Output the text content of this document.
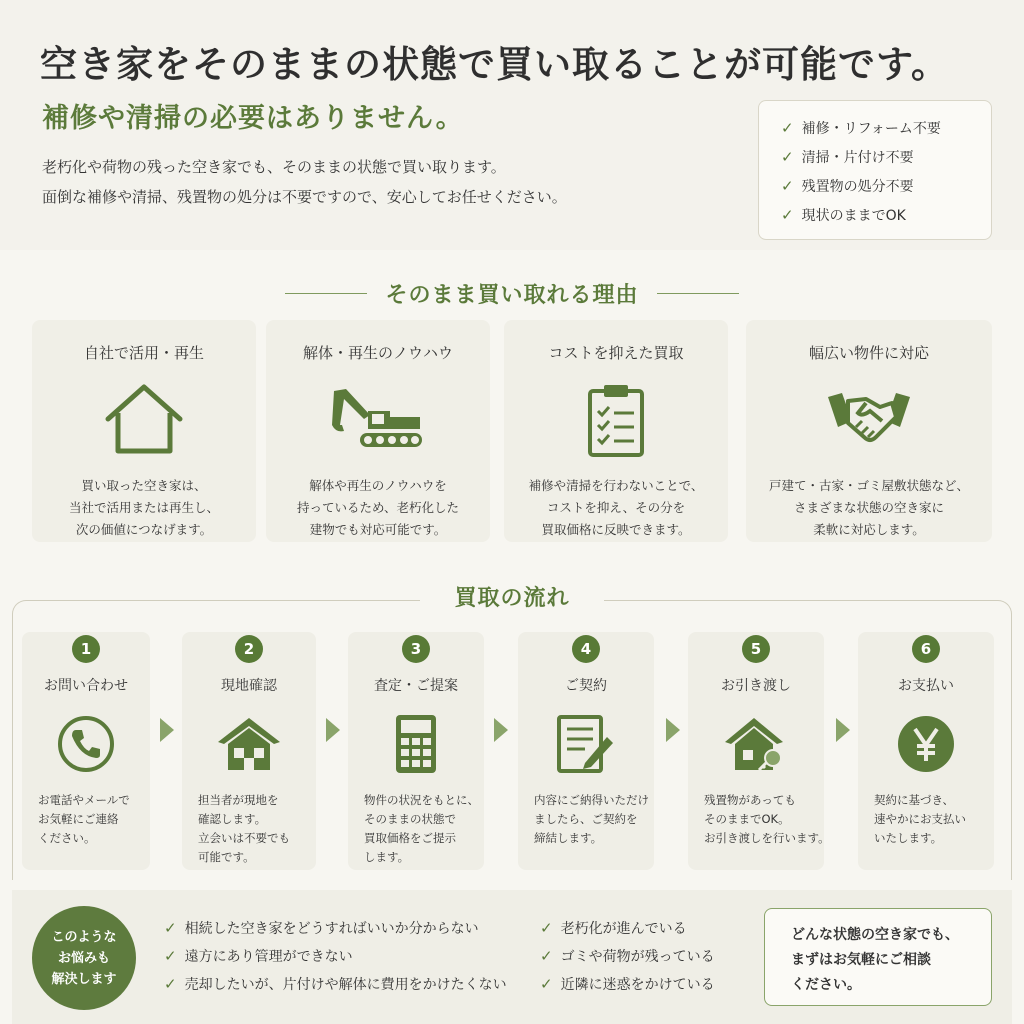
空き家をそのままの状態で買い取ることが可能です。
補修や清掃の必要はありません。
老朽化や荷物の残った空き家でも、そのままの状態で買い取ります。
面倒な補修や清掃、残置物の処分は不要ですので、安心してお任せください。
✓ 補修・リフォーム不要
✓ 清掃・片付け不要
✓ 残置物の処分不要
✓ 現状のままでOK
そのまま買い取れる理由
自社で活用・再生
買い取った空き家は、
当社で活用または再生し、
次の価値につなげます。
解体・再生のノウハウ
解体や再生のノウハウを
持っているため、老朽化した
建物でも対応可能です。
コストを抑えた買取
補修や清掃を行わないことで、
コストを抑え、その分を
買取価格に反映できます。
幅広い物件に対応
戸建て・古家・ゴミ屋敷状態など、
さまざまな状態の空き家に
柔軟に対応します。
買取の流れ
1
お問い合わせ
お電話やメールで
お気軽にご連絡
ください。
2
現地確認
担当者が現地を
確認します。
立会いは不要でも
可能です。
3
査定・ご提案
物件の状況をもとに、
そのままの状態で
買取価格をご提示
します。
4
ご契約
内容にご納得いただけ
ましたら、ご契約を
締結します。
5
お引き渡し
残置物があっても
そのままでOK。
お引き渡しを行います。
6
お支払い
契約に基づき、
速やかにお支払い
いたします。
このような
お悩みも
解決します
✓ 相続した空き家をどうすればいいか分からない
✓ 遠方にあり管理ができない
✓ 売却したいが、片付けや解体に費用をかけたくない
✓ 老朽化が進んでいる
✓ ゴミや荷物が残っている
✓ 近隣に迷惑をかけている
どんな状態の空き家でも、
まずはお気軽にご相談
ください。
